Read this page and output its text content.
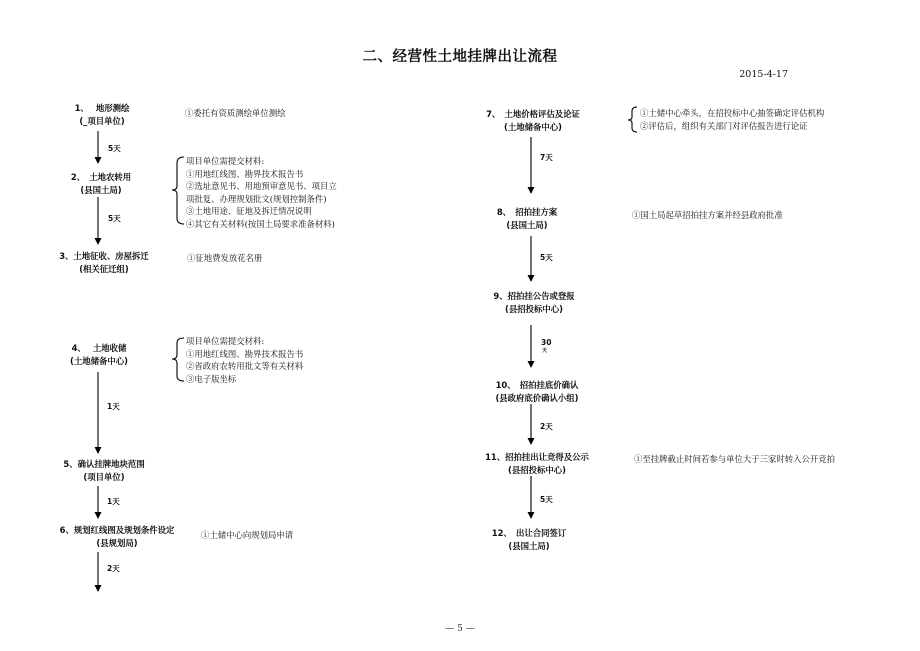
二、经营性土地挂牌出让流程
2015-4-17
1、　 地形测绘
(_项目单位)
2、　土地农转用
(县国土局)
3、土地征收、房屋拆迁
(相关征迁组)
4、　 土地收储
(土地储备中心)
5、确认挂牌地块范围
(项目单位)
6、规划红线图及规划条件设定
(县规划局)
5天
5天
1天
1天
2天
7、　土地价格评估及论证
(土地储备中心)
8、　招拍挂方案
(县国土局)
9、招拍挂公告或登报
(县招投标中心)
10、　招拍挂底价确认
(县政府底价确认小组)
11、招拍挂出让竞得及公示
(县招投标中心)
12、　出让合同签订
(县国土局)
7天
5天
30
天
2天
5天
①委托有资质测绘单位测绘
项目单位需提交材料:
①用地红线图、勘界技术报告书
②选址意见书、用地预审意见书、项目立
项批复、办理规划批文(规划控制条件)
③土地用途、征地及拆迁情况说明
④其它有关材料(按国土局要求准备材料)
①征地费发放花名册
项目单位需提交材料:
①用地红线图、勘界技术报告书
②省政府农转用批文等有关材料
③电子版坐标
①土储中心向规划局申请
①土储中心牵头，在招投标中心抽签确定评估机构
②评估后，组织有关部门对评估报告进行论证
①国土局起草招拍挂方案并经县政府批准
①至挂牌截止时间若参与单位大于三家时转入公开竞拍
— 5 —
